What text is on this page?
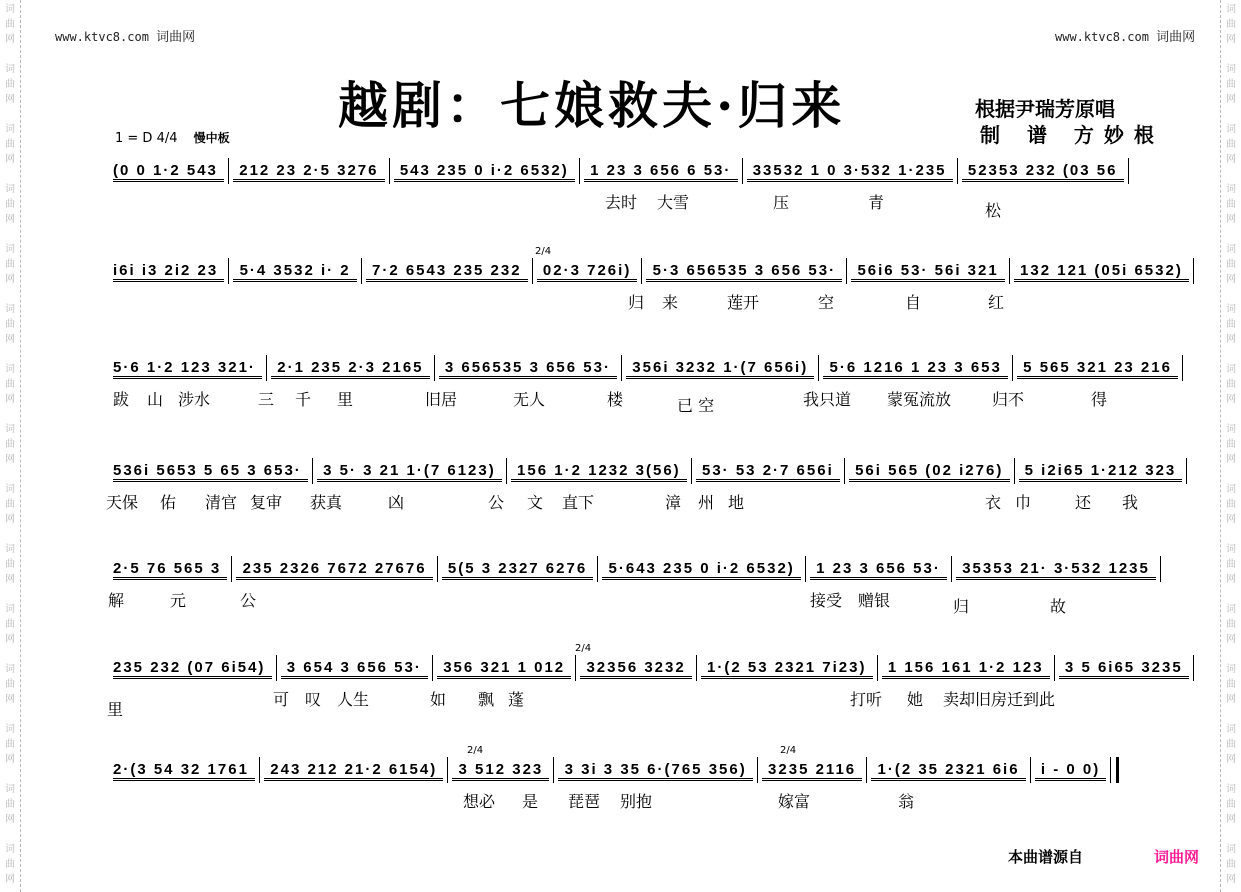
词
曲
网
词
曲
网
词
曲
网
词
曲
网
词
曲
网
词
曲
网
词
曲
网
词
曲
网
词
曲
网
词
曲
网
词
曲
网
词
曲
网
词
曲
网
词
曲
网
词
曲
网
词
曲
网
词
曲
网
词
曲
网
词
曲
网
词
曲
网
词
曲
网
词
曲
网
词
曲
网
词
曲
网
词
曲
网
词
曲
网
词
曲
网
词
曲
网
词
曲
网
词
曲
网
www.ktvc8.com 词曲网	www.ktvc8.com 词曲网
越剧：七娘救夫·归来	根据尹瑞芳原唱
制 谱 方妙根
1 = D 4/4 慢中板
(0 0 1·2 543  212 23 2·5 3276  543 235 0 i·2 6532)  1 23 3 656 6 53·  33532 1 0 3·532 1·235  52353 232 (03 56
去时 大雪	压	青	松
i6i i3 2i2 23  5·4 3532 i· 2  7·2 6543 235 232  02·3 726i)  5·3 656535 3 656 53·  56i6 53· 56i 321  132 121 (05i 6532)
2/4
归 来	莲开	空	自	红
5·6 1·2 123 321·  2·1 235 2·3 2165  3 656535 3 656 53·  356i 3232 1·(7 656i)  5·6 1216 1 23 3 653  5 565 321 23 216
跋 山 涉水	三 千 里	旧居	无人	楼	已 空	我只道 蒙冤流放	归不	得
536i 5653 5 65 3 653·  3 5· 3 21 1·(7 6123)  156 1·2 1232 3(56)  53· 53 2·7 656i  56i 565 (02 i276)  5 i2i65 1·212 323
天保 佑 清官 复审 获真	凶	公 文 直下	漳 州 地	衣 巾	还 我
2·5 76 565 3  235 2326 7672 27676  5(5 3 2327 6276  5·643 235 0 i·2 6532)  1 23 3 656 53·  35353 21· 3·532 1235
解	元	公	接受 赠银	归	故
235 232 (07 6i54)  3 654 3 656 53·  356 321 1 012  32356 3232  1·(2 53 2321 7i23)  1 156 161 1·2 123  3 5 6i65 3235
2/4
里
可 叹 人生	如 飘 蓬	打听 她 卖却旧房迁到此
2·(3 54 32 1761  243 212 21·2 6154)  3 512 323  3 3i 3 35 6·(765 356)  3235 2116  1·(2 35 2321 6i6  i - 0 0)
2/4	2/4
想必 是 琵琶 别抱	嫁富	翁
本曲谱源自	词曲网
